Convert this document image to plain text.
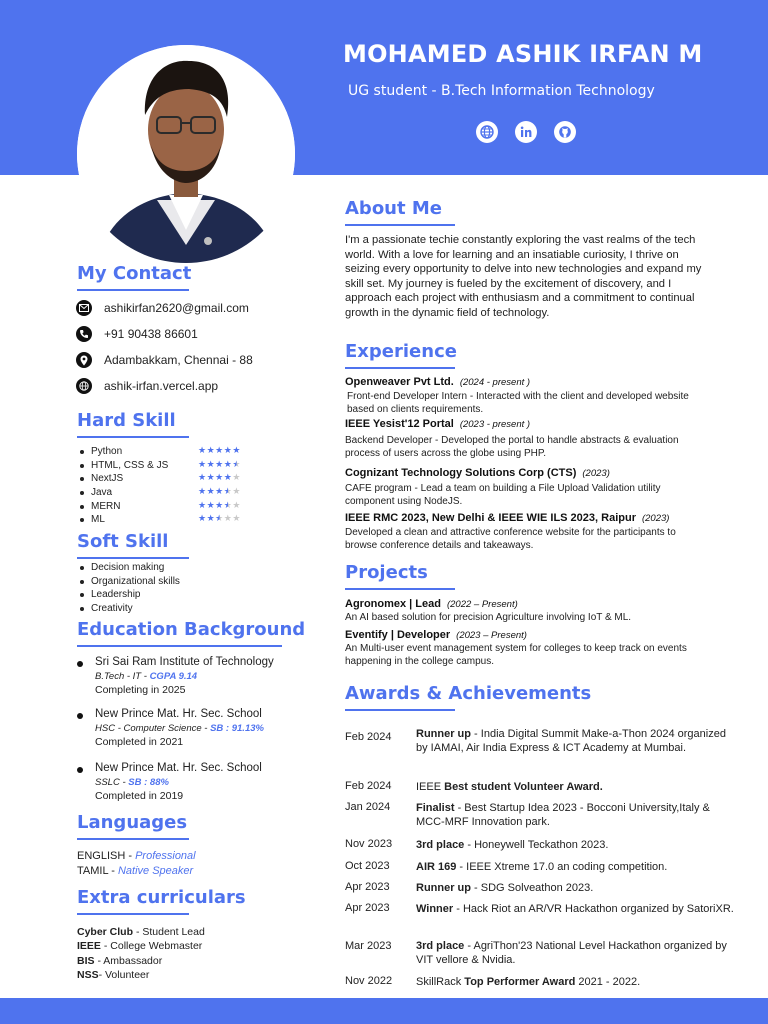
MOHAMED ASHIK IRFAN M
UG student - B.Tech Information Technology
My Contact
ashikirfan2620@gmail.com
+91 90438 86601
Adambakkam, Chennai - 88
ashik-irfan.vercel.app
Hard Skill
Python	★★★★★
HTML, CSS & JS	★★★★★
NextJS	★★★★★
Java	★★★★★
MERN	★★★★★
ML	★★★★★
Soft Skill
Decision making
Organizational skills
Leadership
Creativity
Education Background
Sri Sai Ram Institute of Technology
B.Tech - IT - CGPA 9.14
Completing in 2025
New Prince Mat. Hr. Sec. School
HSC - Computer Science - SB : 91.13%
Completed in 2021
New Prince Mat. Hr. Sec. School
SSLC - SB : 88%
Completed in 2019
Languages
ENGLISH - Professional
TAMIL - Native Speaker
Extra curriculars
Cyber Club - Student Lead
IEEE - College Webmaster
BIS - Ambassador
NSS- Volunteer
About Me
I'm a passionate techie constantly exploring the vast realms of the tech world. With a love for learning and an insatiable curiosity, I thrive on seizing every opportunity to delve into new technologies and expand my skill set. My journey is fueled by the excitement of discovery, and I approach each project with enthusiasm and a commitment to continual growth in the dynamic field of technology.
Experience
Openweaver Pvt Ltd. (2024 - present )
Front-end Developer Intern - Interacted with the client and developed website based on clients requirements.
IEEE Yesist'12 Portal (2023 - present )
Backend Developer - Developed the portal to handle abstracts & evaluation process of users across the globe using PHP.
Cognizant Technology Solutions Corp (CTS) (2023)
CAFE program - Lead a team on building a File Upload Validation utility component using NodeJS.
IEEE RMC 2023, New Delhi & IEEE WIE ILS 2023, Raipur (2023)
Developed a clean and attractive conference website for the participants to browse conference details and takeaways.
Projects
Agronomex | Lead (2022 – Present)
An AI based solution for precision Agriculture involving IoT & ML.
Eventify | Developer (2023 – Present)
An Multi-user event management system for colleges to keep track on events happening in the college campus.
Awards & Achievements
Feb 2024 Runner up - India Digital Summit Make-a-Thon 2024 organized by IAMAI, Air India Express & ICT Academy at Mumbai.
Feb 2024 IEEE Best student Volunteer Award.
Jan 2024 Finalist - Best Startup Idea 2023 - Bocconi University,Italy & MCC-MRF Innovation park.
Nov 2023 3rd place - Honeywell Teckathon 2023.
Oct 2023 AIR 169 - IEEE Xtreme 17.0 an coding competition.
Apr 2023 Runner up - SDG Solveathon 2023.
Apr 2023 Winner - Hack Riot an AR/VR Hackathon organized by SatoriXR.
Mar 2023 3rd place - AgriThon'23 National Level Hackathon organized by VIT vellore & Nvidia.
Nov 2022 SkillRack Top Performer Award 2021 - 2022.
